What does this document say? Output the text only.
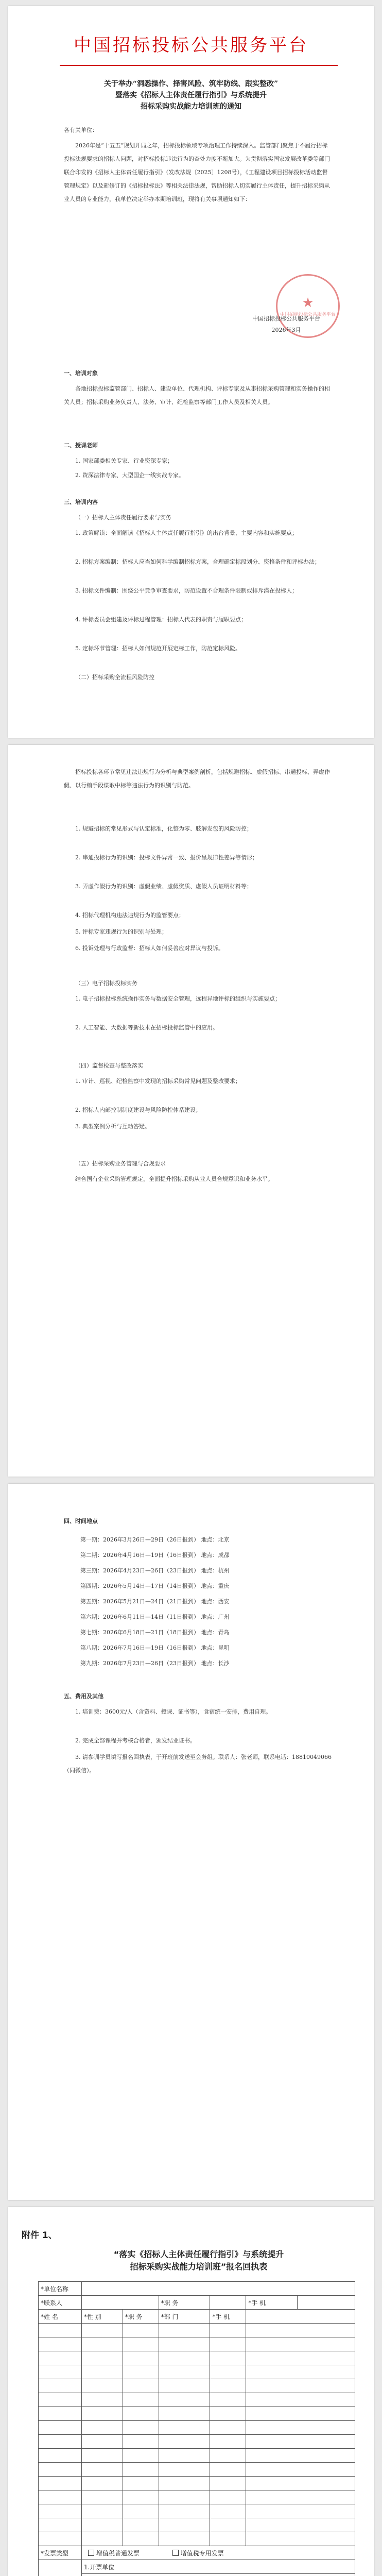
中国招标投标公共服务平台
关于举办“洞悉操作、择害风险、筑牢防线、跟实整改”
暨落实《招标人主体责任履行指引》与系统提升
招标采购实战能力培训班的通知
各有关单位：
2026年是“十五五”规划开局之年，招标投标领域专项治理工作持续深入。监管部门聚焦于不履行招标投标法规要求的招标人问题，对招标投标违法行为的查处力度不断加大。为贯彻落实国家发展改革委等部门联合印发的《招标人主体责任履行指引》（发改法规〔2025〕1208号），《工程建设项目招标投标活动监督管理规定》以及新修订的《招标投标法》等相关法律法规，帮助招标人切实履行主体责任，提升招标采购从业人员的专业能力，我单位决定举办本期培训班，现将有关事项通知如下：
★
中国招标投标公共服务平台
中国招标投标公共服务平台
2026年3月
一、培训对象
各地招标投标监管部门、招标人、建设单位、代理机构、评标专家及从事招标采购管理和实务操作的相关人员；招标采购业务负责人、法务、审计、纪检监察等部门工作人员及相关人员。
二、授课老师
1. 国家部委相关专家、行业资深专家；
2. 资深法律专家、大型国企一线实战专家。
三、培训内容
（一）招标人主体责任履行要求与实务
1. 政策解读：全面解读《招标人主体责任履行指引》的出台背景、主要内容和实施要点；
2. 招标方案编制：招标人应当如何科学编制招标方案，合理确定标段划分、资格条件和评标办法；
3. 招标文件编制：围绕公平竞争审查要求，防范设置不合理条件限制或排斥潜在投标人；
4. 评标委员会组建及评标过程管理：招标人代表的职责与履职要点；
5. 定标环节管理：招标人如何规范开展定标工作，防范定标风险。
（二）招标采购全流程风险防控
招标投标各环节常见违法违规行为分析与典型案例剖析，包括规避招标、虚假招标、串通投标、弄虚作假、以行贿手段谋取中标等违法行为的识别与防范。
1. 规避招标的常见形式与认定标准，化整为零、肢解发包的风险防控；
2. 串通投标行为的识别：投标文件异常一致、报价呈规律性差异等情形；
3. 弄虚作假行为的识别：虚假业绩、虚假资质、虚假人员证明材料等；
4. 招标代理机构违法违规行为的监管要点；
5. 评标专家违规行为的识别与处理；
6. 投诉处理与行政监督：招标人如何妥善应对异议与投诉。
（三）电子招标投标实务
1. 电子招标投标系统操作实务与数据安全管理，远程异地评标的组织与实施要点；
2. 人工智能、大数据等新技术在招标投标监管中的应用。
（四）监督检查与整改落实
1. 审计、巡视、纪检监察中发现的招标采购常见问题及整改要求；
2. 招标人内部控制制度建设与风险防控体系建设；
3. 典型案例分析与互动答疑。
（五）招标采购业务管理与合规要求
结合国有企业采购管理规定，全面提升招标采购从业人员合规意识和业务水平。
四、时间地点
第一期：2026年3月26日—29日（26日报到） 地点：北京
第二期：2026年4月16日—19日（16日报到） 地点：成都
第三期：2026年4月23日—26日（23日报到） 地点：杭州
第四期：2026年5月14日—17日（14日报到） 地点：重庆
第五期：2026年5月21日—24日（21日报到） 地点：西安
第六期：2026年6月11日—14日（11日报到） 地点：广州
第七期：2026年6月18日—21日（18日报到） 地点：青岛
第八期：2026年7月16日—19日（16日报到） 地点：昆明
第九期：2026年7月23日—26日（23日报到） 地点：长沙
五、费用及其他
1. 培训费：3600元/人（含资料、授课、证书等），食宿统一安排，费用自理。
2. 完成全部课程并考核合格者，颁发结业证书。
3. 请参训学员填写报名回执表，于开班前发送至会务组。联系人：张老师，联系电话：18810049066（同微信）。
附件 1、
“落实《招标人主体责任履行指引》与系统提升
招标采购实战能力培训班”报名回执表
*单位名称						
*联系人			*职 务		*手 机	
*姓 名	*性 别	*职 务	*部 门	*手 机		

*发票类型	增值税普通发票 增值税专用发票					

	1.开票单位					
